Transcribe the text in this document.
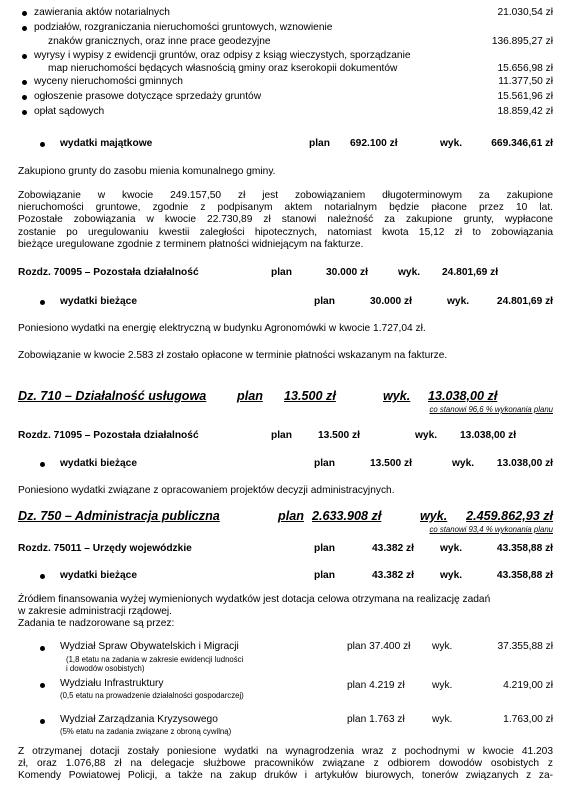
zawierania aktów notarialnych	21.030,54 zł
podziałów, rozgraniczania nieruchomości gruntowych, wznowienie
znaków granicznych, oraz inne prace geodezyjne	136.895,27 zł
wyrysy i wypisy z ewidencji gruntów, oraz odpisy z ksiąg wieczystych, sporządzanie
map nieruchomości będących własnością gminy oraz kserokopii dokumentów	15.656,98 zł
wyceny nieruchomości gminnych	11.377,50 zł
ogłoszenie prasowe dotyczące sprzedaży gruntów	15.561,96 zł
opłat sądowych	18.859,42 zł
wydatki majątkowe	plan 692.100 zł	wyk.	669.346,61 zł
Zakupiono grunty do zasobu mienia komunalnego gminy.
Zobowiązanie w kwocie 249.157,50 zł jest zobowiązaniem długoterminowym za zakupione
nieruchomości gruntowe, zgodnie z podpisanym aktem notarialnym będzie płacone przez 10 lat.
Pozostałe zobowiązania w kwocie 22.730,89 zł stanowi należność za zakupione grunty, wypłacone
zostanie po uregulowaniu kwestii zaległości hipotecznych, natomiast kwota 15,12 zł to zobowiązania
bieżące uregulowane zgodnie z terminem płatności widniejącym na fakturze.
Rozdz. 70095 – Pozostała działalność	plan	30.000 zł	wyk. 24.801,69 zł
wydatki bieżące	plan	30.000 zł	wyk.	24.801,69 zł
Poniesiono wydatki na energię elektryczną w budynku Agronomówki w kwocie 1.727,04 zł.
Zobowiązanie w kwocie 2.583 zł zostało opłacone w terminie płatności wskazanym na fakturze.
Dz. 710 – Działalność usługowa plan 13.500 zł	wyk. 13.038,00 zł
co stanowi 96,6 % wykonania planu
Rozdz. 71095 – Pozostała działalność	plan	13.500 zł	wyk. 13.038,00 zł
wydatki bieżące	plan	13.500 zł	wyk. 13.038,00 zł
Poniesiono wydatki związane z opracowaniem projektów decyzji administracyjnych.
Dz. 750 – Administracja publiczna	plan 2.633.908 zł	wyk. 2.459.862,93 zł
co stanowi 93,4 % wykonania planu
Rozdz. 75011 – Urzędy wojewódzkie	plan	43.382 zł	wyk.	43.358,88 zł
wydatki bieżące	plan	43.382 zł	wyk.	43.358,88 zł
Źródłem finansowania wyżej wymienionych wydatków jest dotacja celowa otrzymana na realizację zadań
w zakresie administracji rządowej.
Zadania te nadzorowane są przez:
Wydział Spraw Obywatelskich i Migracji
(1,8 etatu na zadania w zakresie ewidencji ludności
i dowodów osobistych)
plan 37.400 zł wyk.	37.355,88 zł
Wydziału Infrastruktury
(0,5 etatu na prowadzenie działalności gospodarczej)
plan 4.219 zł	wyk.	4.219,00 zł
Wydział Zarządzania Kryzysowego
(5% etatu na zadania związane z obroną cywilną)
plan 1.763 zł	wyk.	1.763,00 zł
Z otrzymanej dotacji zostały poniesione wydatki na wynagrodzenia wraz z pochodnymi w kwocie 41.203
zł, oraz 1.076,88 zł na delegacje służbowe pracowników związane z odbiorem dowodów osobistych z
Komendy Powiatowej Policji, a także na zakup druków i artykułów biurowych, tonerów związanych z za-
